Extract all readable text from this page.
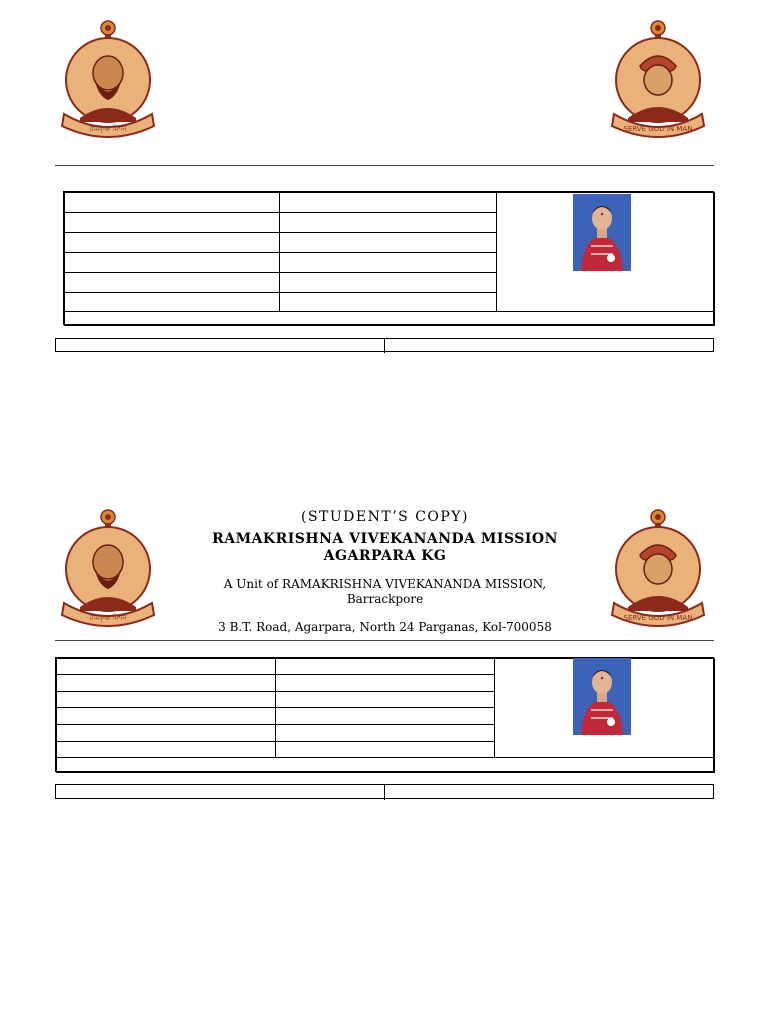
রামকৃষ্ণ মিশন	SERVE GOD IN MAN
রামকৃষ্ণ মিশন	SERVE GOD IN MAN
(STUDENT’S COPY)
RAMAKRISHNA VIVEKANANDA MISSION AGARPARA KG
A Unit of RAMAKRISHNA VIVEKANANDA MISSION, Barrackpore
3 B.T. Road, Agarpara, North 24 Parganas, Kol-700058
